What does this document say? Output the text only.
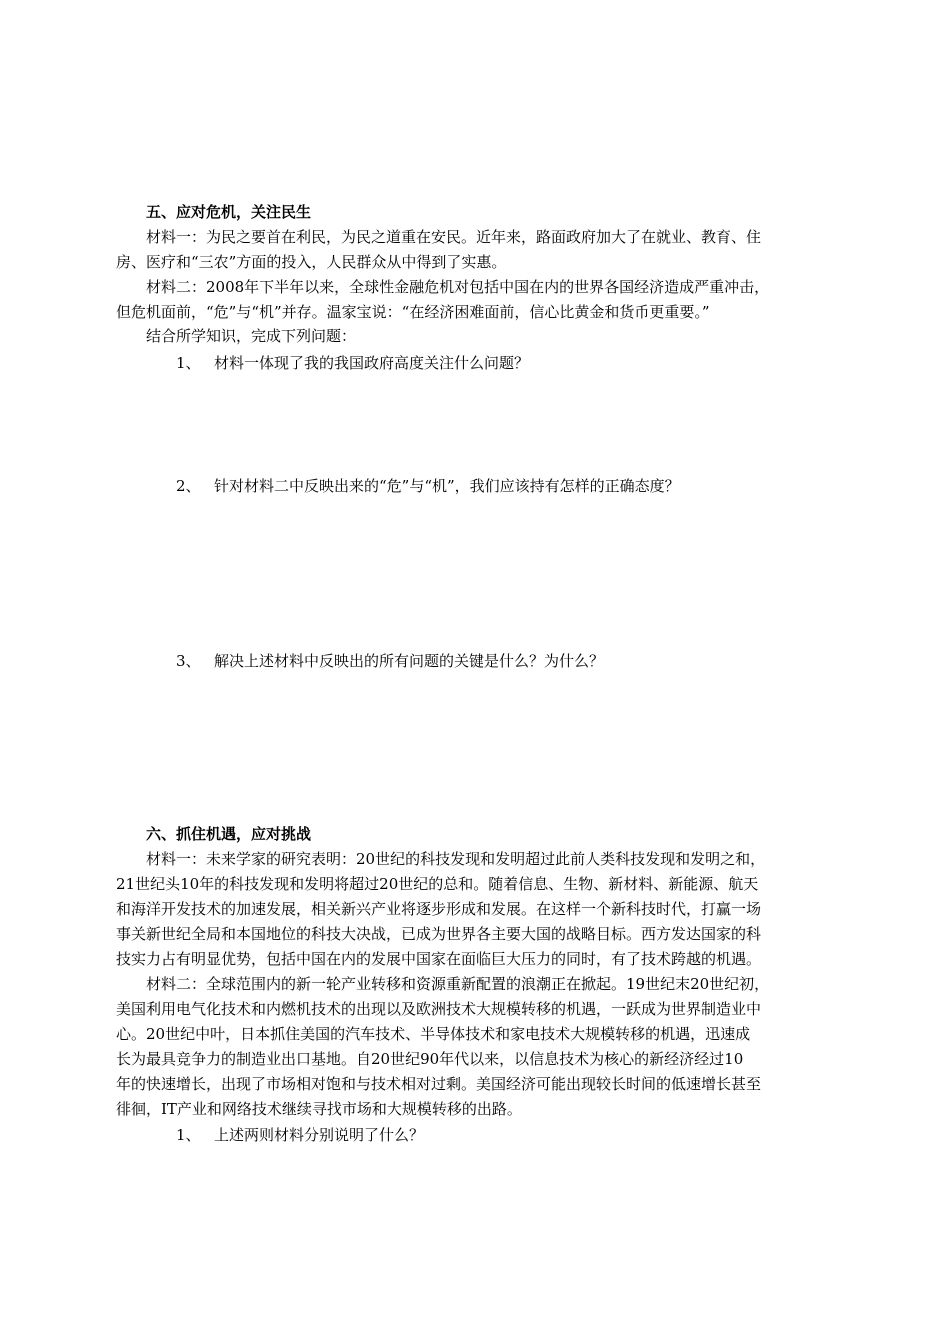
五、应对危机，关注民生
材料一：为民之要首在利民，为民之道重在安民。近年来，路面政府加大了在就业、教育、住
房、医疗和“三农”方面的投入，人民群众从中得到了实惠。
材料二：2008年下半年以来，全球性金融危机对包括中国在内的世界各国经济造成严重冲击，
但危机面前，“危”与“机”并存。温家宝说：“在经济困难面前，信心比黄金和货币更重要。”
结合所学知识，完成下列问题：
1、 材料一体现了我的我国政府高度关注什么问题？
2、 针对材料二中反映出来的“危”与“机”，我们应该持有怎样的正确态度？
3、 解决上述材料中反映出的所有问题的关键是什么？为什么？
六、抓住机遇，应对挑战
材料一：未来学家的研究表明：20世纪的科技发现和发明超过此前人类科技发现和发明之和，
21世纪头10年的科技发现和发明将超过20世纪的总和。随着信息、生物、新材料、新能源、航天
和海洋开发技术的加速发展，相关新兴产业将逐步形成和发展。在这样一个新科技时代，打赢一场
事关新世纪全局和本国地位的科技大决战，已成为世界各主要大国的战略目标。西方发达国家的科
技实力占有明显优势，包括中国在内的发展中国家在面临巨大压力的同时，有了技术跨越的机遇。
材料二：全球范围内的新一轮产业转移和资源重新配置的浪潮正在掀起。19世纪末20世纪初，
美国利用电气化技术和内燃机技术的出现以及欧洲技术大规模转移的机遇，一跃成为世界制造业中
心。20世纪中叶，日本抓住美国的汽车技术、半导体技术和家电技术大规模转移的机遇，迅速成
长为最具竞争力的制造业出口基地。自20世纪90年代以来，以信息技术为核心的新经济经过10
年的快速增长，出现了市场相对饱和与技术相对过剩。美国经济可能出现较长时间的低速增长甚至
徘徊，IT产业和网络技术继续寻找市场和大规模转移的出路。
1、 上述两则材料分别说明了什么？
